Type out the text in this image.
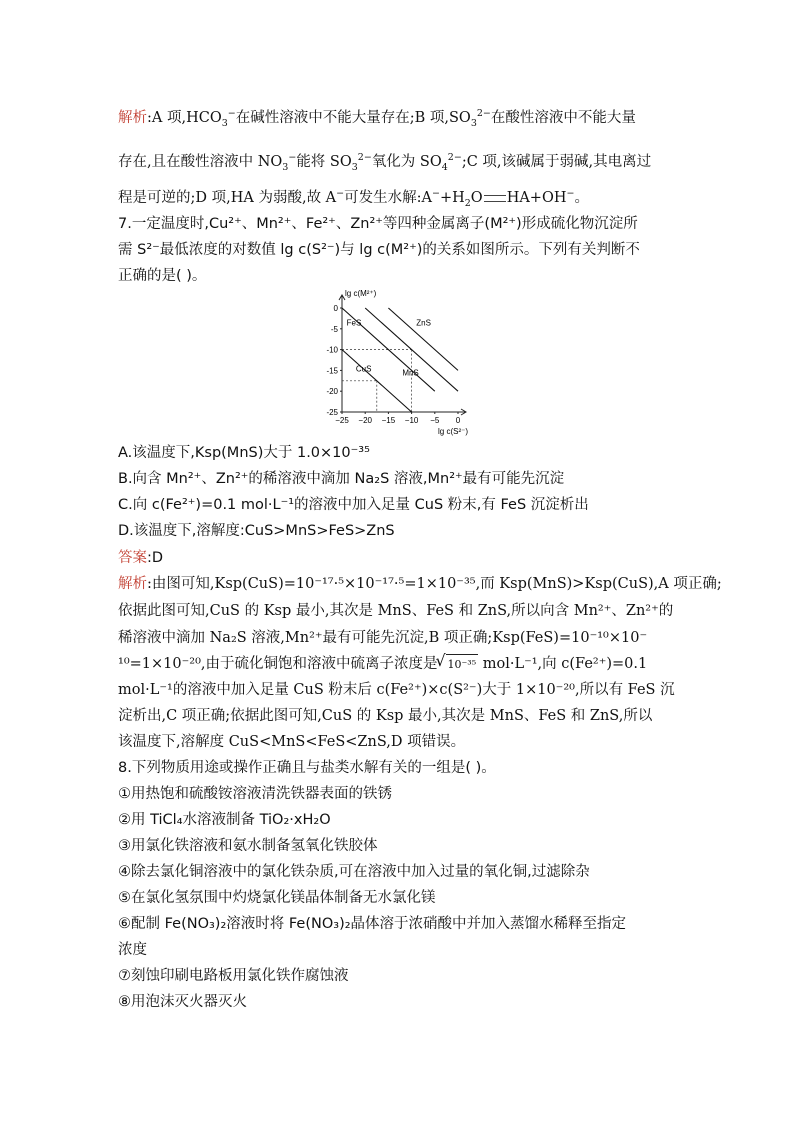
解析:A 项$,HCO_3^-$在碱性溶液中不能大量存在;B 项$,SO_3^{2-}$在酸性溶液中不能大量
存在,且在酸性溶液中 $NO_3^-$能将 $SO_3^{2-}$氧化为 $SO_4^{2-};C$ 项,该碱属于弱碱,其电离过
程是可逆的;D 项,HA 为弱酸,故 A−可发生水解$:A^-+H_2O$ HA+OH−。
7.一定温度时,Cu²⁺、Mn²⁺、Fe²⁺、Zn²⁺等四种金属离子(M²⁺)形成硫化物沉淀所
需 S²⁻最低浓度的对数值 lg c(S²⁻)与 lg c(M²⁺)的关系如图所示。下列有关判断不
正确的是( )。
lg c(M²⁺)
lg c(S²⁻)
0
-5
-10
-15
-20
-25
−25 −20 −15 −10 −5 0
CuS	MnS
FeS	ZnS
A.该温度下,Ksp(MnS)大于 1.0×10⁻³⁵
B.向含 Mn²⁺、Zn²⁺的稀溶液中滴加 Na₂S 溶液,Mn²⁺最有可能先沉淀
C.向 c(Fe²⁺)=0.1 mol·L⁻¹的溶液中加入足量 CuS 粉末,有 FeS 沉淀析出
D.该温度下,溶解度:CuS>MnS>FeS>ZnS
答案:D
解析:由图可知,Ksp(CuS)=10⁻¹⁷·⁵×10⁻¹⁷·⁵=1×10⁻³⁵,而 Ksp(MnS)>Ksp(CuS),A 项正确;
依据此图可知,CuS 的 Ksp 最小,其次是 MnS、FeS 和 ZnS,所以向含 Mn²⁺、Zn²⁺的
稀溶液中滴加 Na₂S 溶液,Mn²⁺最有可能先沉淀,B 项正确;Ksp(FeS)=10⁻¹⁰×10⁻
¹⁰=1×10⁻²⁰,由于硫化铜饱和溶液中硫离子浓度是 √ 10⁻³⁵ mol·L⁻¹,向 c(Fe²⁺)=0.1
mol·L⁻¹的溶液中加入足量 CuS 粉末后 c(Fe²⁺)×c(S²⁻)大于 1×10⁻²⁰,所以有 FeS 沉
淀析出,C 项正确;依据此图可知,CuS 的 Ksp 最小,其次是 MnS、FeS 和 ZnS,所以
该温度下,溶解度 CuS<MnS<FeS<ZnS,D 项错误。
8.下列物质用途或操作正确且与盐类水解有关的一组是( )。
①用热饱和硫酸铵溶液清洗铁器表面的铁锈
②用 TiCl₄水溶液制备 TiO₂·xH₂O
③用氯化铁溶液和氨水制备氢氧化铁胶体
④除去氯化铜溶液中的氯化铁杂质,可在溶液中加入过量的氧化铜,过滤除杂
⑤在氯化氢氛围中灼烧氯化镁晶体制备无水氯化镁
⑥配制 Fe(NO₃)₂溶液时将 Fe(NO₃)₂晶体溶于浓硝酸中并加入蒸馏水稀释至指定
浓度
⑦刻蚀印刷电路板用氯化铁作腐蚀液
⑧用泡沫灭火器灭火
